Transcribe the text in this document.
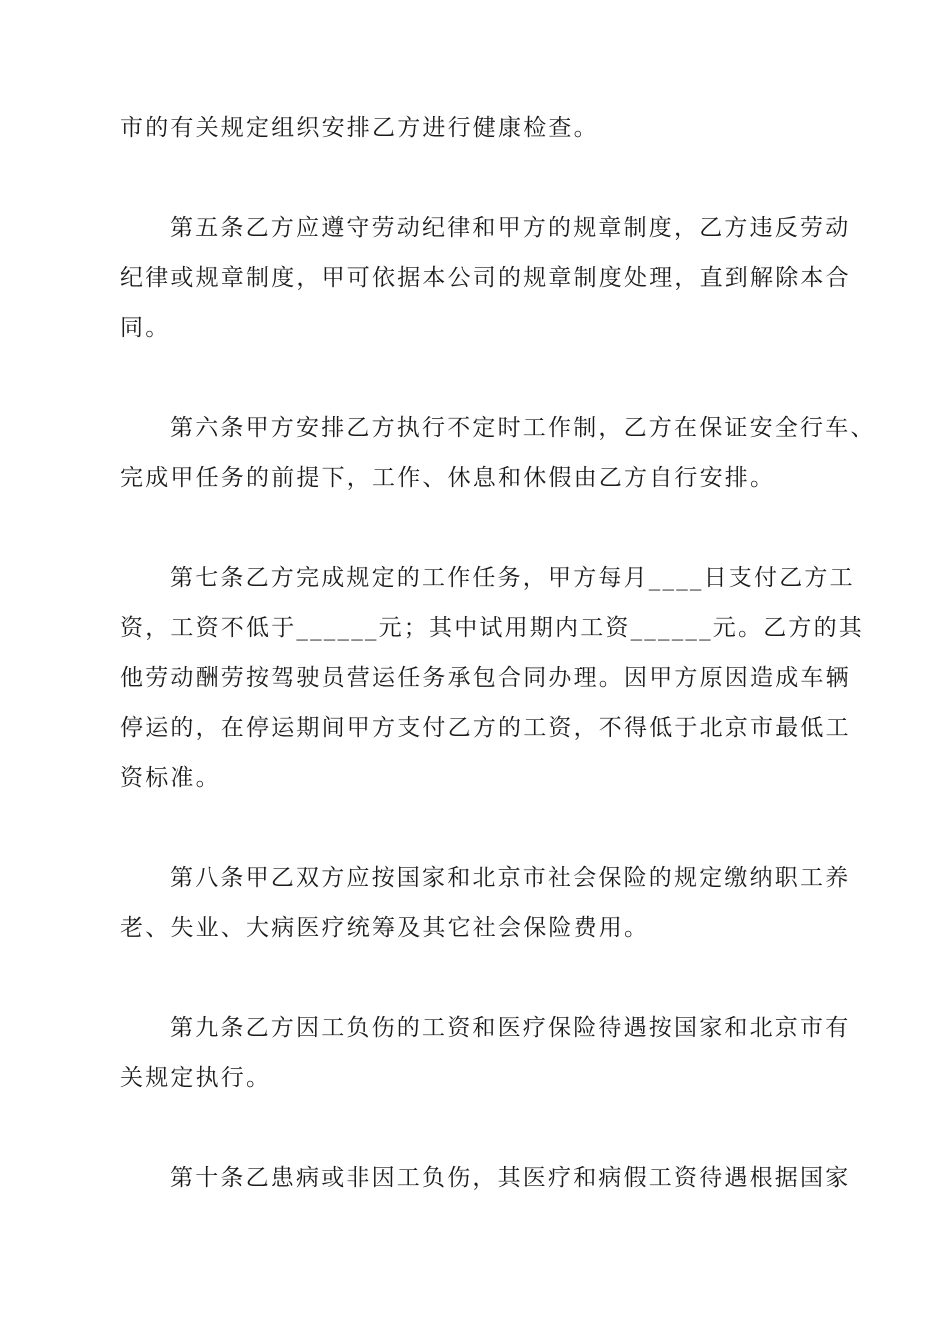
市的有关规定组织安排乙方进行健康检查。
第五条乙方应遵守劳动纪律和甲方的规章制度，乙方违反劳动
纪律或规章制度，甲可依据本公司的规章制度处理，直到解除本合
同。
第六条甲方安排乙方执行不定时工作制，乙方在保证安全行车、
完成甲任务的前提下，工作、休息和休假由乙方自行安排。
第七条乙方完成规定的工作任务，甲方每月____日支付乙方工
资，工资不低于______元；其中试用期内工资______元。乙方的其
他劳动酬劳按驾驶员营运任务承包合同办理。因甲方原因造成车辆
停运的，在停运期间甲方支付乙方的工资，不得低于北京市最低工
资标准。
第八条甲乙双方应按国家和北京市社会保险的规定缴纳职工养
老、失业、大病医疗统筹及其它社会保险费用。
第九条乙方因工负伤的工资和医疗保险待遇按国家和北京市有
关规定执行。
第十条乙患病或非因工负伤，其医疗和病假工资待遇根据国家
